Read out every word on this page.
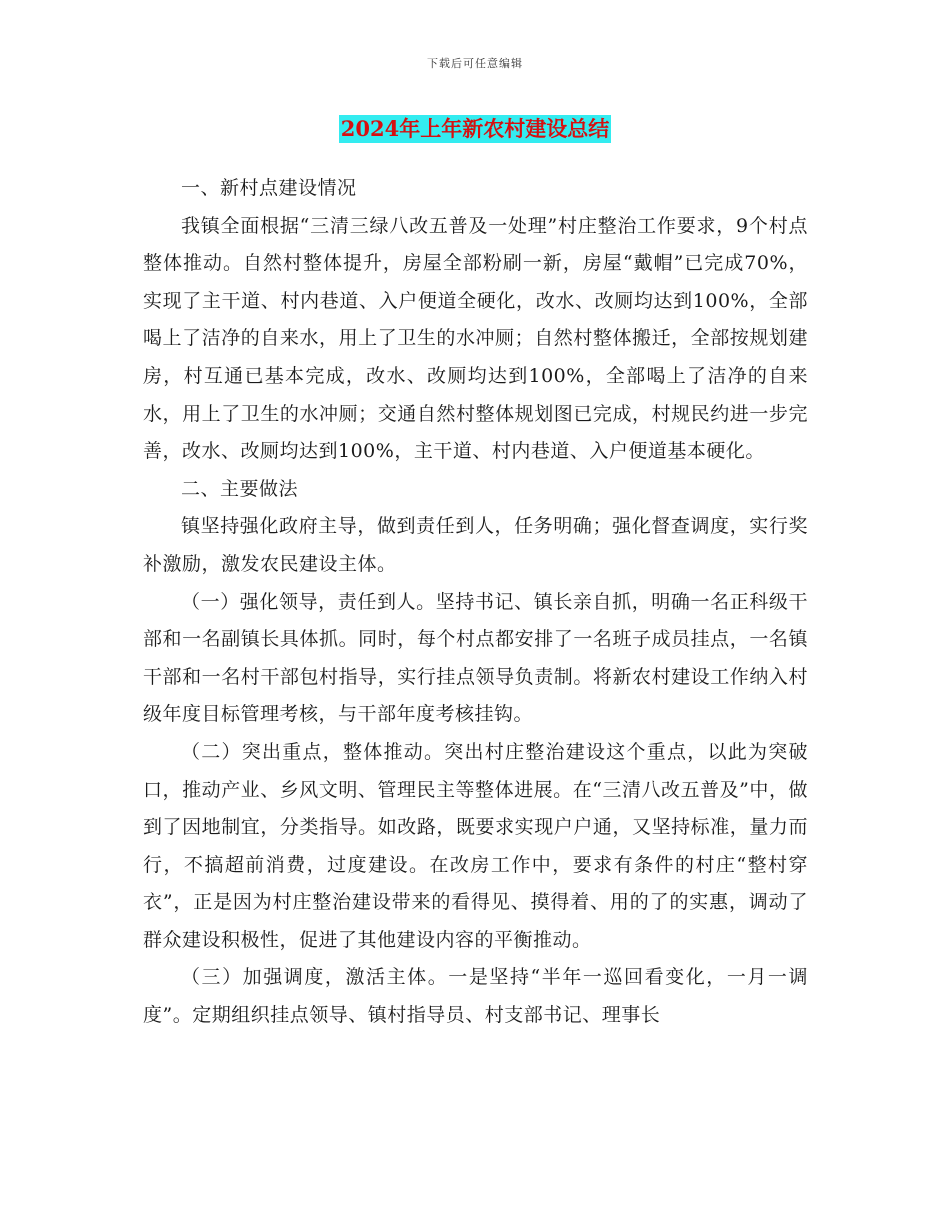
下载后可任意编辑
2024年上年新农村建设总结

一、新村点建设情况

我镇全面根据“三清三绿八改五普及一处理”村庄整治工作要求，9个村点整体推动。自然村整体提升，房屋全部粉刷一新，房屋“戴帽”已完成70%，实现了主干道、村内巷道、入户便道全硬化，改水、改厕均达到100%，全部喝上了洁净的自来水，用上了卫生的水冲厕；自然村整体搬迁，全部按规划建房，村互通已基本完成，改水、改厕均达到100%，全部喝上了洁净的自来水，用上了卫生的水冲厕；交通自然村整体规划图已完成，村规民约进一步完善，改水、改厕均达到100%，主干道、村内巷道、入户便道基本硬化。

二、主要做法

镇坚持强化政府主导，做到责任到人，任务明确；强化督查调度，实行奖补激励，激发农民建设主体。

（一）强化领导，责任到人。坚持书记、镇长亲自抓，明确一名正科级干部和一名副镇长具体抓。同时，每个村点都安排了一名班子成员挂点，一名镇干部和一名村干部包村指导，实行挂点领导负责制。将新农村建设工作纳入村级年度目标管理考核，与干部年度考核挂钩。

（二）突出重点，整体推动。突出村庄整治建设这个重点，以此为突破口，推动产业、乡风文明、管理民主等整体进展。在“三清八改五普及”中，做到了因地制宜，分类指导。如改路，既要求实现户户通，又坚持标准，量力而行，不搞超前消费，过度建设。在改房工作中，要求有条件的村庄“整村穿衣”，正是因为村庄整治建设带来的看得见、摸得着、用的了的实惠，调动了群众建设积极性，促进了其他建设内容的平衡推动。

（三）加强调度，激活主体。一是坚持“半年一巡回看变化，一月一调度”。定期组织挂点领导、镇村指导员、村支部书记、理事长
